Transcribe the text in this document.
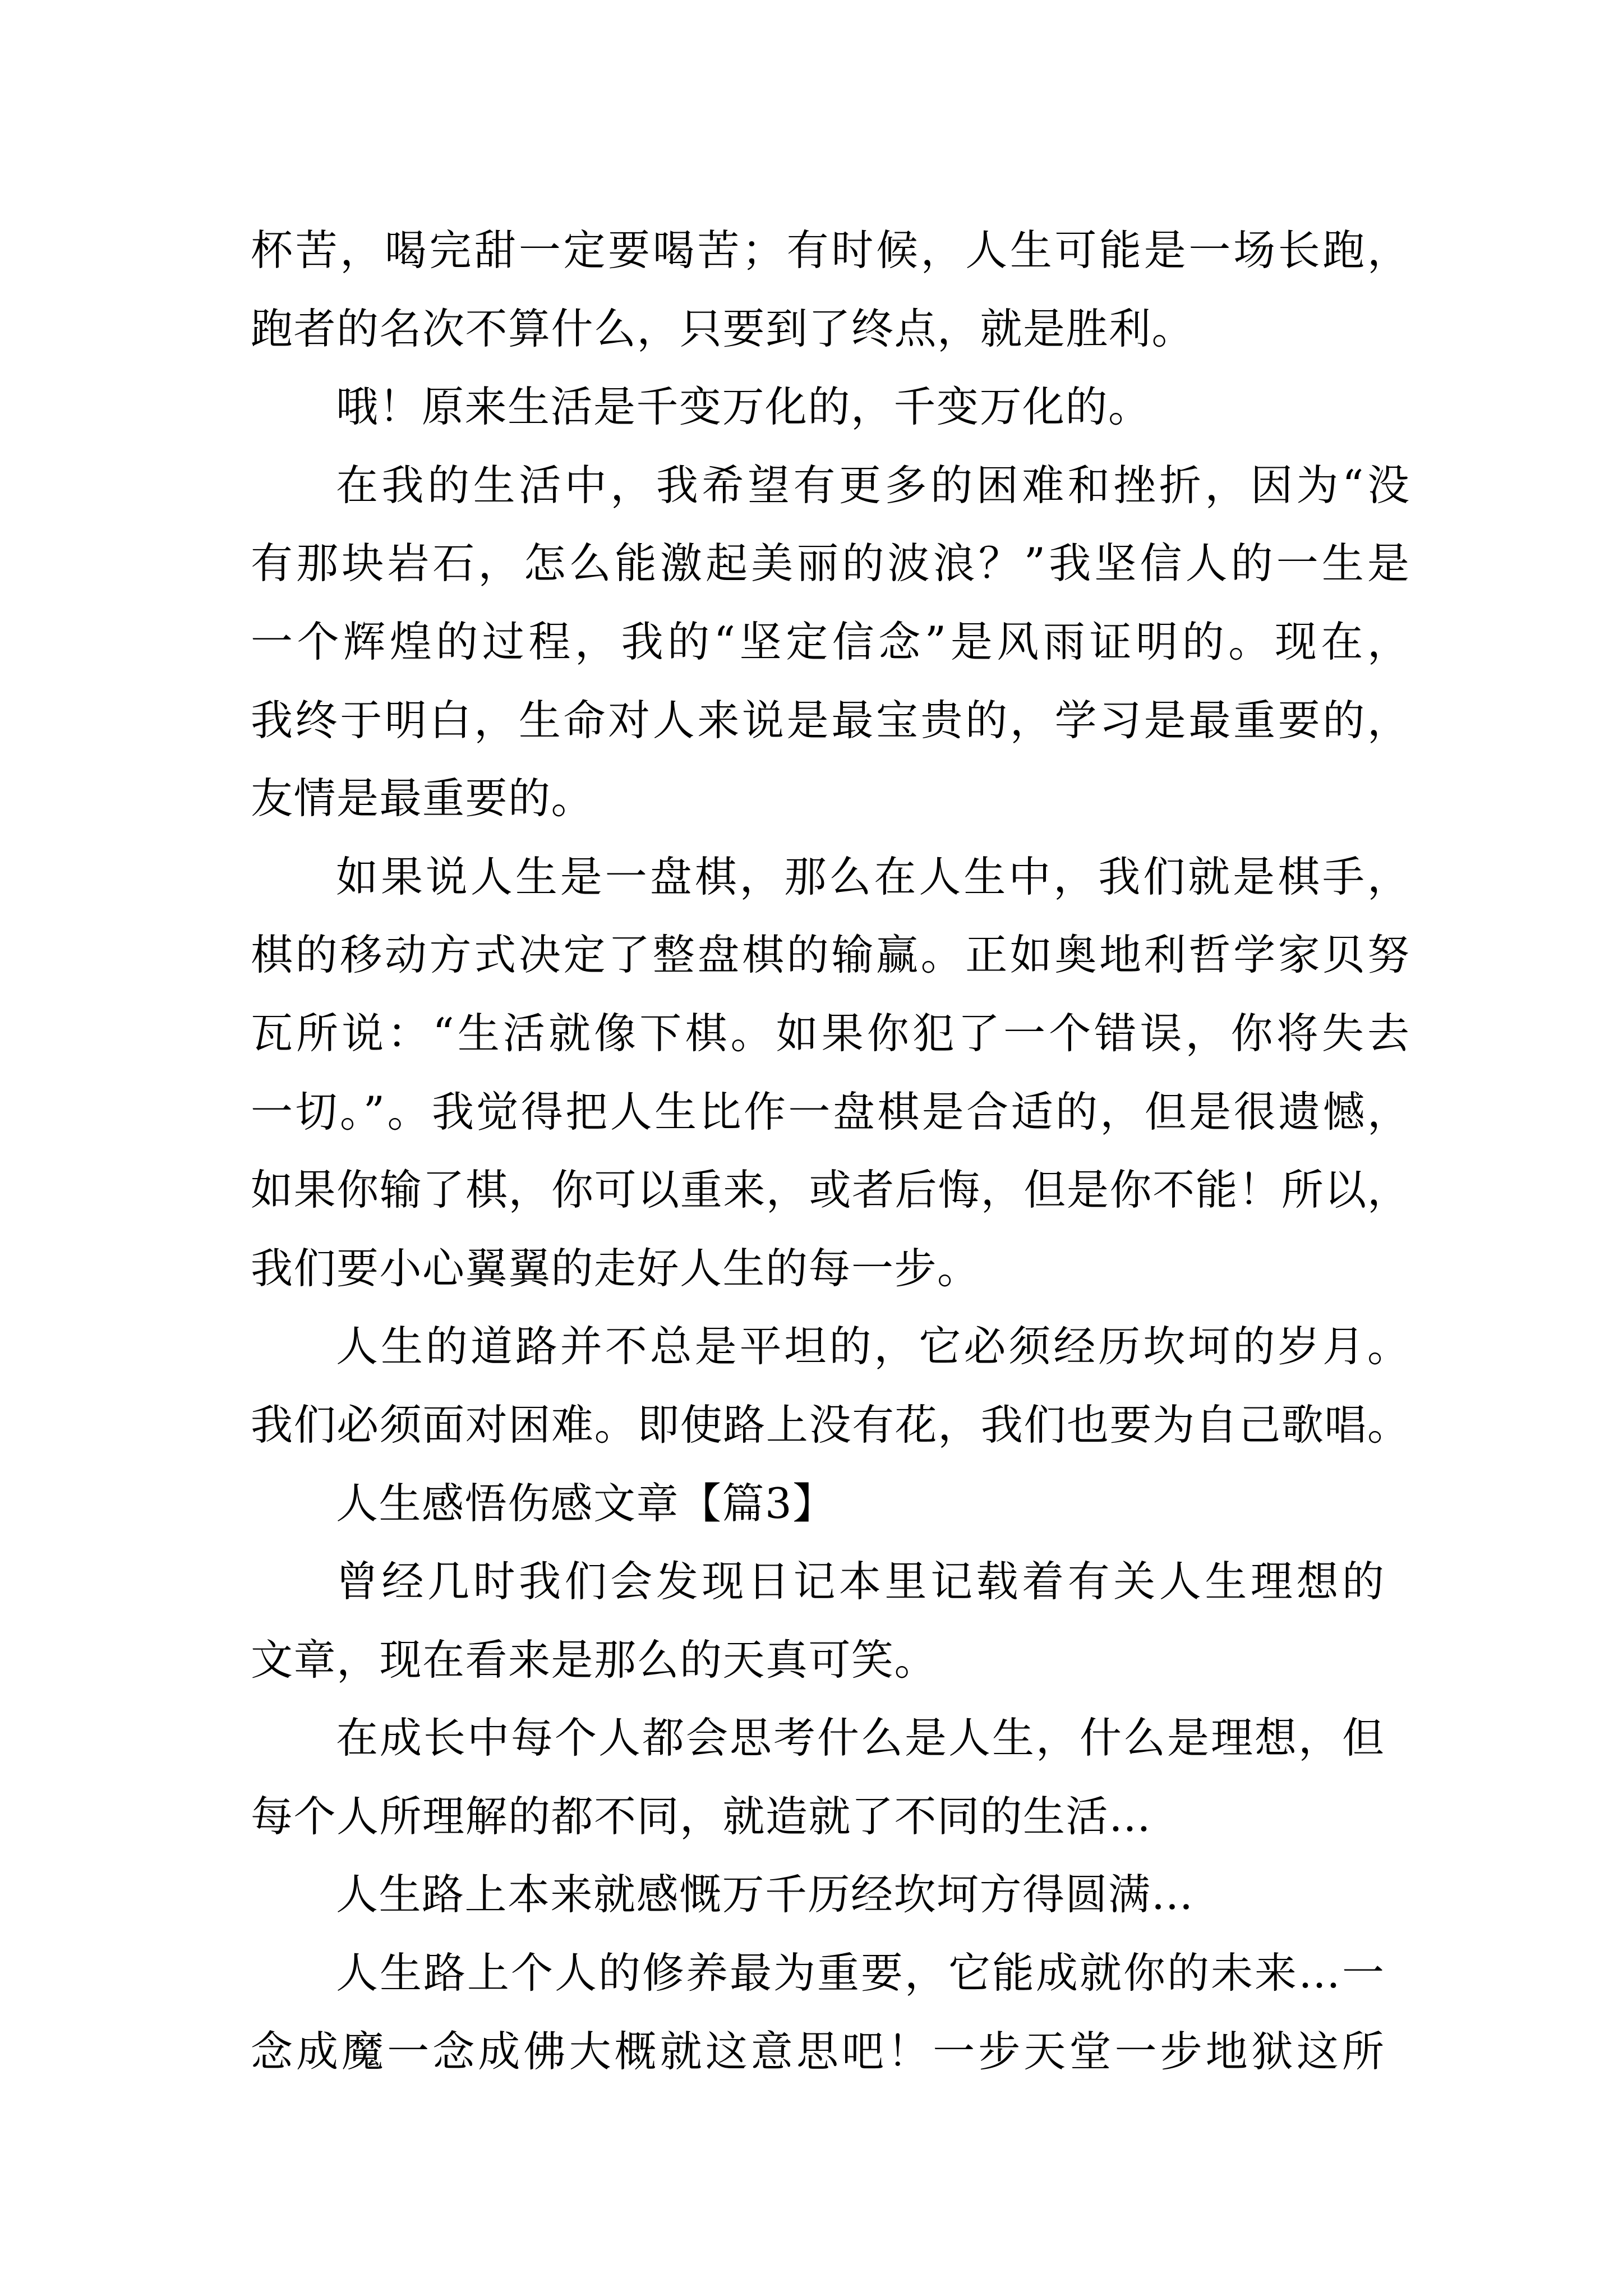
杯苦，喝完甜一定要喝苦；有时候，人生可能是一场长跑，
跑者的名次不算什么，只要到了终点，就是胜利。
哦！原来生活是千变万化的，千变万化的。
在我的生活中，我希望有更多的困难和挫折，因为“没
有那块岩石，怎么能激起美丽的波浪？”我坚信人的一生是
一个辉煌的过程，我的“坚定信念”是风雨证明的。现在，
我终于明白，生命对人来说是最宝贵的，学习是最重要的，
友情是最重要的。
如果说人生是一盘棋，那么在人生中，我们就是棋手，
棋的移动方式决定了整盘棋的输赢。正如奥地利哲学家贝努
瓦所说：“生活就像下棋。如果你犯了一个错误，你将失去
一切。”。我觉得把人生比作一盘棋是合适的，但是很遗憾，
如果你输了棋，你可以重来，或者后悔，但是你不能！所以，
我们要小心翼翼的走好人生的每一步。
人生的道路并不总是平坦的，它必须经历坎坷的岁月。
我们必须面对困难。即使路上没有花，我们也要为自己歌唱。
人生感悟伤感文章【篇3】
曾经几时我们会发现日记本里记载着有关人生理想的
文章，现在看来是那么的天真可笑。
在成长中每个人都会思考什么是人生，什么是理想，但
每个人所理解的都不同，就造就了不同的生活…
人生路上本来就感慨万千历经坎坷方得圆满…
人生路上个人的修养最为重要，它能成就你的未来…一
念成魔一念成佛大概就这意思吧！一步天堂一步地狱这所
